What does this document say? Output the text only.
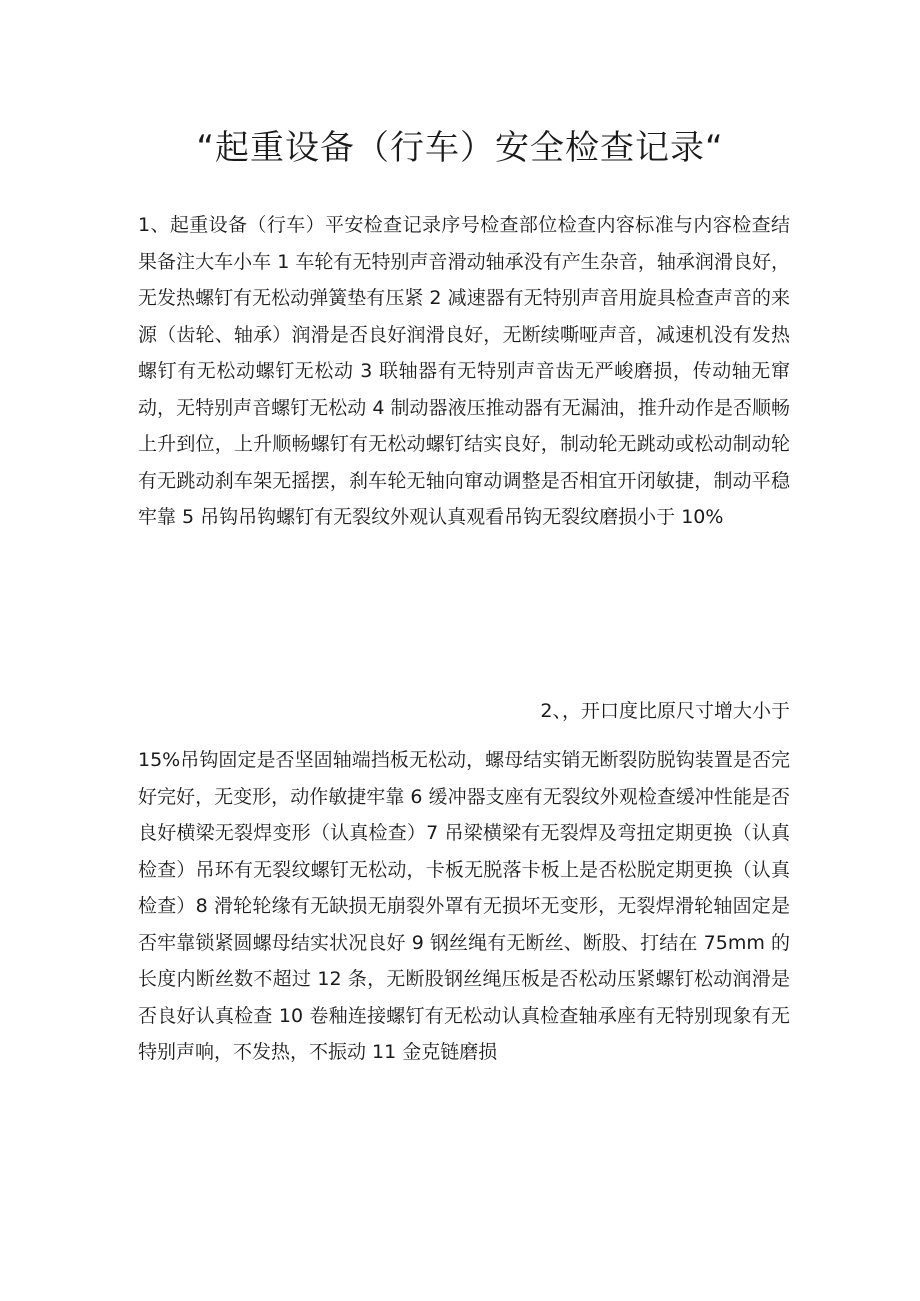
“起重设备（行车）安全检查记录“

1、起重设备（行车）平安检查记录序号检查部位检查内容标准与内容检查结果备注大车小车 1 车轮有无特别声音滑动轴承没有产生杂音，轴承润滑良好，无发热螺钉有无松动弹簧垫有压紧 2 减速器有无特别声音用旋具检查声音的来源（齿轮、轴承）润滑是否良好润滑良好，无断续嘶哑声音，减速机没有发热螺钉有无松动螺钉无松动 3 联轴器有无特别声音齿无严峻磨损，传动轴无窜动，无特别声音螺钉无松动 4 制动器液压推动器有无漏油，推升动作是否顺畅上升到位，上升顺畅螺钉有无松动螺钉结实良好，制动轮无跳动或松动制动轮有无跳动刹车架无摇摆，刹车轮无轴向窜动调整是否相宜开闭敏捷，制动平稳牢靠 5 吊钩吊钩螺钉有无裂纹外观认真观看吊钩无裂纹磨损小于 10%

2、，开口度比原尺寸增大小于

15%吊钩固定是否坚固轴端挡板无松动，螺母结实销无断裂防脱钩装置是否完好完好，无变形，动作敏捷牢靠 6 缓冲器支座有无裂纹外观检查缓冲性能是否良好横梁无裂焊变形（认真检查）7 吊梁横梁有无裂焊及弯扭定期更换（认真检查）吊环有无裂纹螺钉无松动，卡板无脱落卡板上是否松脱定期更换（认真检查）8 滑轮轮缘有无缺损无崩裂外罩有无损坏无变形，无裂焊滑轮轴固定是否牢靠锁紧圆螺母结实状况良好 9 钢丝绳有无断丝、断股、打结在 75mm 的长度内断丝数不超过 12 条，无断股钢丝绳压板是否松动压紧螺钉松动润滑是否良好认真检查 10 卷釉连接螺钉有无松动认真检查轴承座有无特别现象有无特别声响，不发热，不振动 11 金克链磨损
